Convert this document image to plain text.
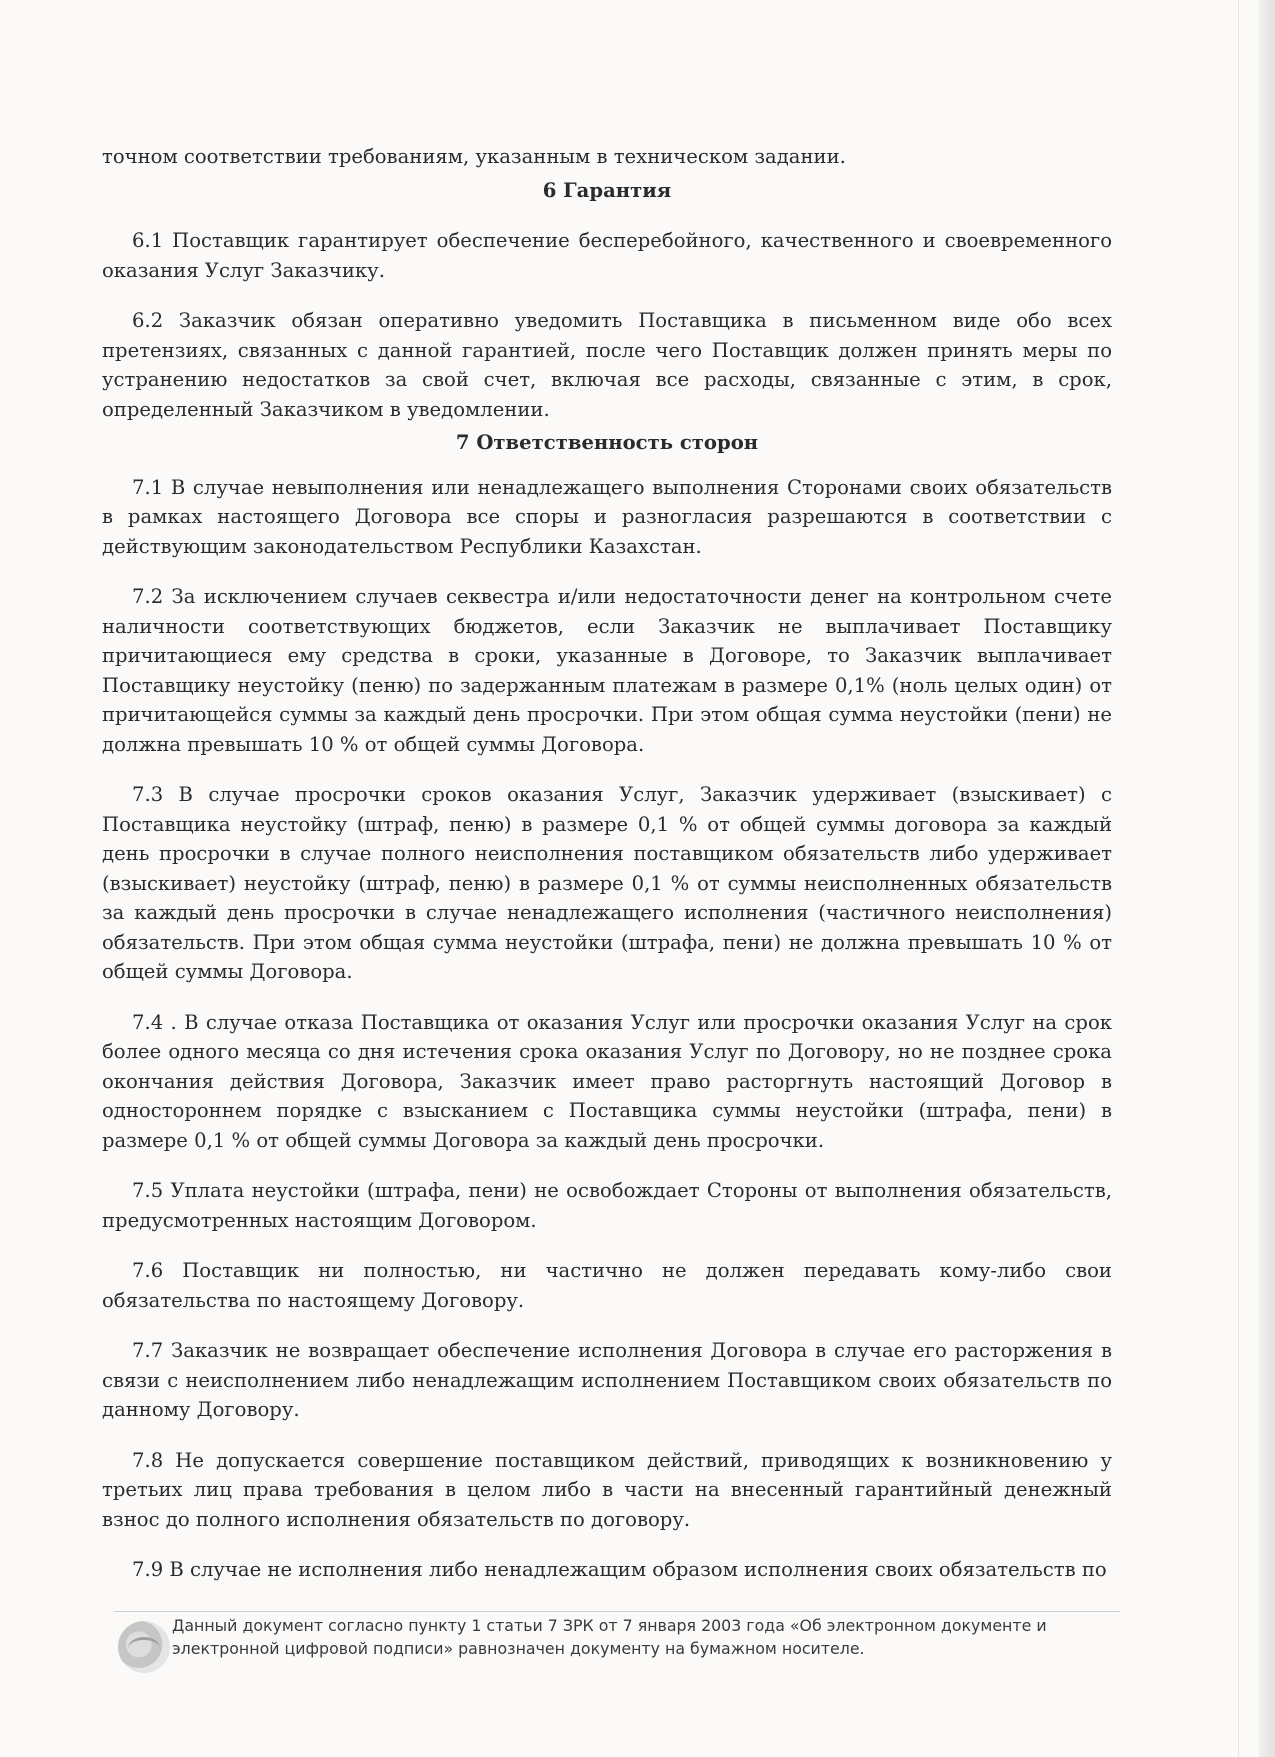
точном соответствии требованиям, указанным в техническом задании.

6 Гарантия

6.1 Поставщик гарантирует обеспечение бесперебойного, качественного и своевременного оказания Услуг Заказчику.

6.2 Заказчик обязан оперативно уведомить Поставщика в письменном виде обо всех претензиях, связанных с данной гарантией, после чего Поставщик должен принять меры по устранению недостатков за свой счет, включая все расходы, связанные с этим, в срок, определенный Заказчиком в уведомлении.

7 Ответственность сторон

7.1 В случае невыполнения или ненадлежащего выполнения Сторонами своих обязательств в рамках настоящего Договора все споры и разногласия разрешаются в соответствии с действующим законодательством Республики Казахстан.

7.2 За исключением случаев секвестра и/или недостаточности денег на контрольном счете наличности соответствующих бюджетов, если Заказчик не выплачивает Поставщику причитающиеся ему средства в сроки, указанные в Договоре, то Заказчик выплачивает Поставщику неустойку (пеню) по задержанным платежам в размере 0,1% (ноль целых один) от причитающейся суммы за каждый день просрочки. При этом общая сумма неустойки (пени) не должна превышать 10 % от общей суммы Договора.

7.3 В случае просрочки сроков оказания Услуг, Заказчик удерживает (взыскивает) с Поставщика неустойку (штраф, пеню) в размере 0,1 % от общей суммы договора за каждый день просрочки в случае полного неисполнения поставщиком обязательств либо удерживает (взыскивает) неустойку (штраф, пеню) в размере 0,1 % от суммы неисполненных обязательств за каждый день просрочки в случае ненадлежащего исполнения (частичного неисполнения) обязательств. При этом общая сумма неустойки (штрафа, пени) не должна превышать 10 % от общей суммы Договора.

7.4 . В случае отказа Поставщика от оказания Услуг или просрочки оказания Услуг на срок более одного месяца со дня истечения срока оказания Услуг по Договору, но не позднее срока окончания действия Договора, Заказчик имеет право расторгнуть настоящий Договор в одностороннем порядке с взысканием с Поставщика суммы неустойки (штрафа, пени) в размере 0,1 % от общей суммы Договора за каждый день просрочки.

7.5 Уплата неустойки (штрафа, пени) не освобождает Стороны от выполнения обязательств, предусмотренных настоящим Договором.

7.6 Поставщик ни полностью, ни частично не должен передавать кому-либо свои обязательства по настоящему Договору.

7.7 Заказчик не возвращает обеспечение исполнения Договора в случае его расторжения в связи с неисполнением либо ненадлежащим исполнением Поставщиком своих обязательств по данному Договору.

7.8 Не допускается совершение поставщиком действий, приводящих к возникновению у третьих лиц права требования в целом либо в части на внесенный гарантийный денежный взнос до полного исполнения обязательств по договору.

7.9 В случае не исполнения либо ненадлежащим образом исполнения своих обязательств по

Данный документ согласно пункту 1 статьи 7 ЗРК от 7 января 2003 года «Об электронном документе и электронной цифровой подписи» равнозначен документу на бумажном носителе.
